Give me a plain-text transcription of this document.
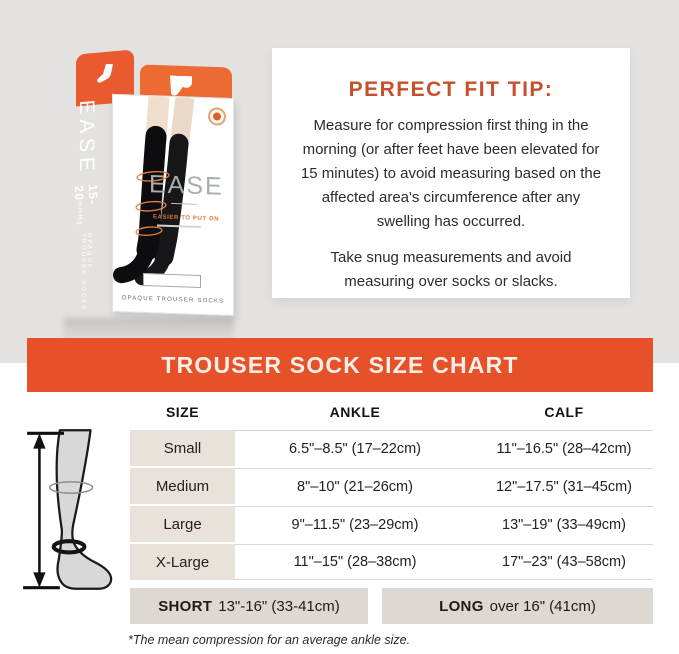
EASE
15-20mmHg
OPAQUE TROUSER SOCKS
EASE
EASIER TO PUT ON
OPAQUE TROUSER SOCKS
PERFECT FIT TIP:

Measure for compression first thing in the morning (or after feet have been elevated for 15 minutes) to avoid measuring based on the affected area's circumference after any swelling has occurred.

Take snug measurements and avoid measuring over socks or slacks.

TROUSER SOCK SIZE CHART
SIZE	ANKLE	CALF
Small	6.5"–8.5" (17–22cm)	11"–16.5" (28–42cm)
Medium	8"–10" (21–26cm)	12"–17.5" (31–45cm)
Large	9"–11.5" (23–29cm)	13"–19" (33–49cm)
X-Large	11"–15" (28–38cm)	17"–23" (43–58cm)
SHORT 13"-16" (33-41cm)	LONG over 16" (41cm)
*The mean compression for an average ankle size.
